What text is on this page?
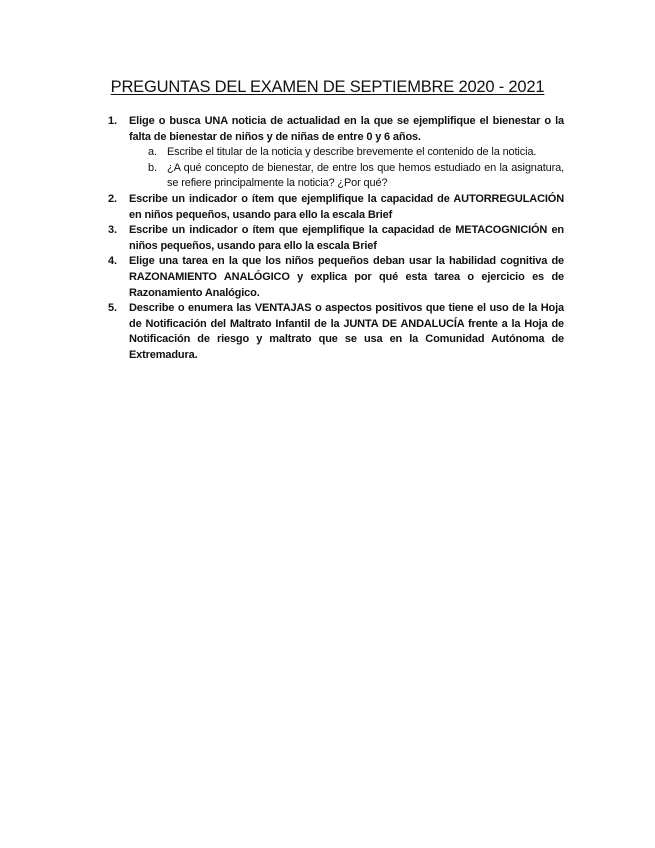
PREGUNTAS DEL EXAMEN DE SEPTIEMBRE 2020 - 2021
1.	Elige o busca UNA noticia de actualidad en la que se ejemplifique el bienestar o la falta de bienestar de niños y de niñas de entre 0 y 6 años.
a. Escribe el titular de la noticia y describe brevemente el contenido de la noticia.
b. ¿A qué concepto de bienestar, de entre los que hemos estudiado en la asignatura, se refiere principalmente la noticia? ¿Por qué?
2.	Escribe un indicador o ítem que ejemplifique la capacidad de AUTORREGULACIÓN en niños pequeños, usando para ello la escala Brief
3.	Escribe un indicador o ítem que ejemplifique la capacidad de METACOGNICIÓN en niños pequeños, usando para ello la escala Brief
4.	Elige una tarea en la que los niños pequeños deban usar la habilidad cognitiva de RAZONAMIENTO ANALÓGICO y explica por qué esta tarea o ejercicio es de Razonamiento Analógico.
5.	Describe o enumera las VENTAJAS o aspectos positivos que tiene el uso de la Hoja de Notificación del Maltrato Infantil de la JUNTA DE ANDALUCÍA frente a la Hoja de Notificación de riesgo y maltrato que se usa en la Comunidad Autónoma de Extremadura.
